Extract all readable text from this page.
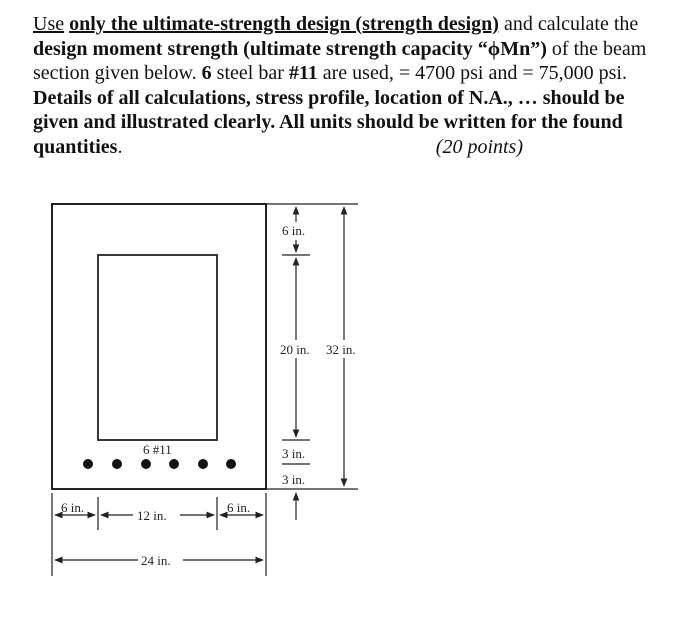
Use only the ultimate-strength design (strength design) and calculate the design moment strength (ultimate strength capacity “ϕMn”) of the beam section given below. 6 steel bar #11 are used, = 4700 psi and = 75,000 psi.

Details of all calculations, stress profile, location of N.A., … should be given and illustrated clearly. All units should be written for the found quantities.	(20 points)

6 in.
20 in. 32 in.
3 in.
3 in.
6 #11
6 in.
12 in.
6 in.
24 in.
